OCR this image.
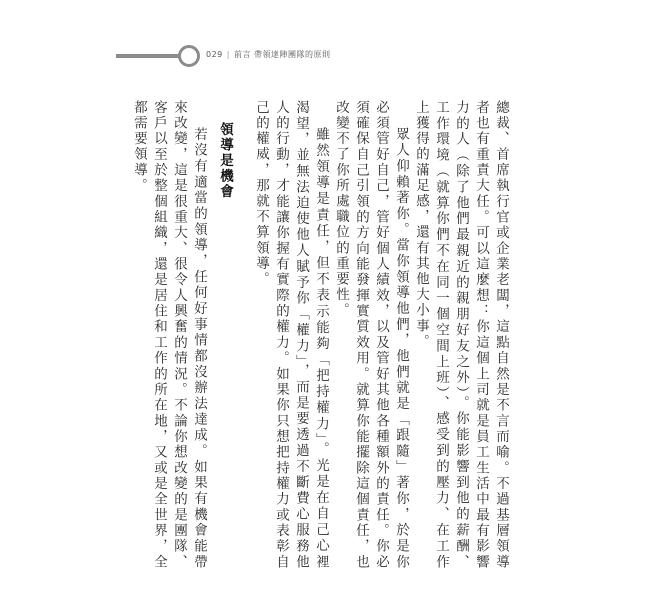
029 | 前言 帶領達陣團隊的原則

總裁、首席執行官或企業老闆，這點自然是不言而喻。不過基層領導者也有重責大任。可以這麼想：你這個上司就是員工生活中最有影響力的人（除了他們最親近的親朋好友之外）。你能影響到他的薪酬、工作環境（就算你們不在同一個空間上班）、感受到的壓力、在工作上獲得的滿足感，還有其他大小事。

眾人仰賴著你。當你領導他們，他們就是「跟隨」著你，於是你必須管好自己，管好個人績效，以及管好其他各種額外的責任。你必須確保自己引領的方向能發揮實質效用。就算你能擺除這個責任，也改變不了你所處職位的重要性。

雖然領導是責任，但不表示能夠「把持權力」。光是在自己心裡渴望，並無法迫使他人賦予你「權力」，而是要透過不斷費心服務他人的行動，才能讓你握有實際的權力。如果你只想把持權力或表彰自己的權威，那就不算領導。

領導是機會

若沒有適當的領導，任何好事情都沒辦法達成。如果有機會能帶來改變，這是很重大、很令人興奮的情況。不論你想改變的是團隊、客戶以至於整個組織，還是居住和工作的所在地，又或是全世界，全都需要領導。
